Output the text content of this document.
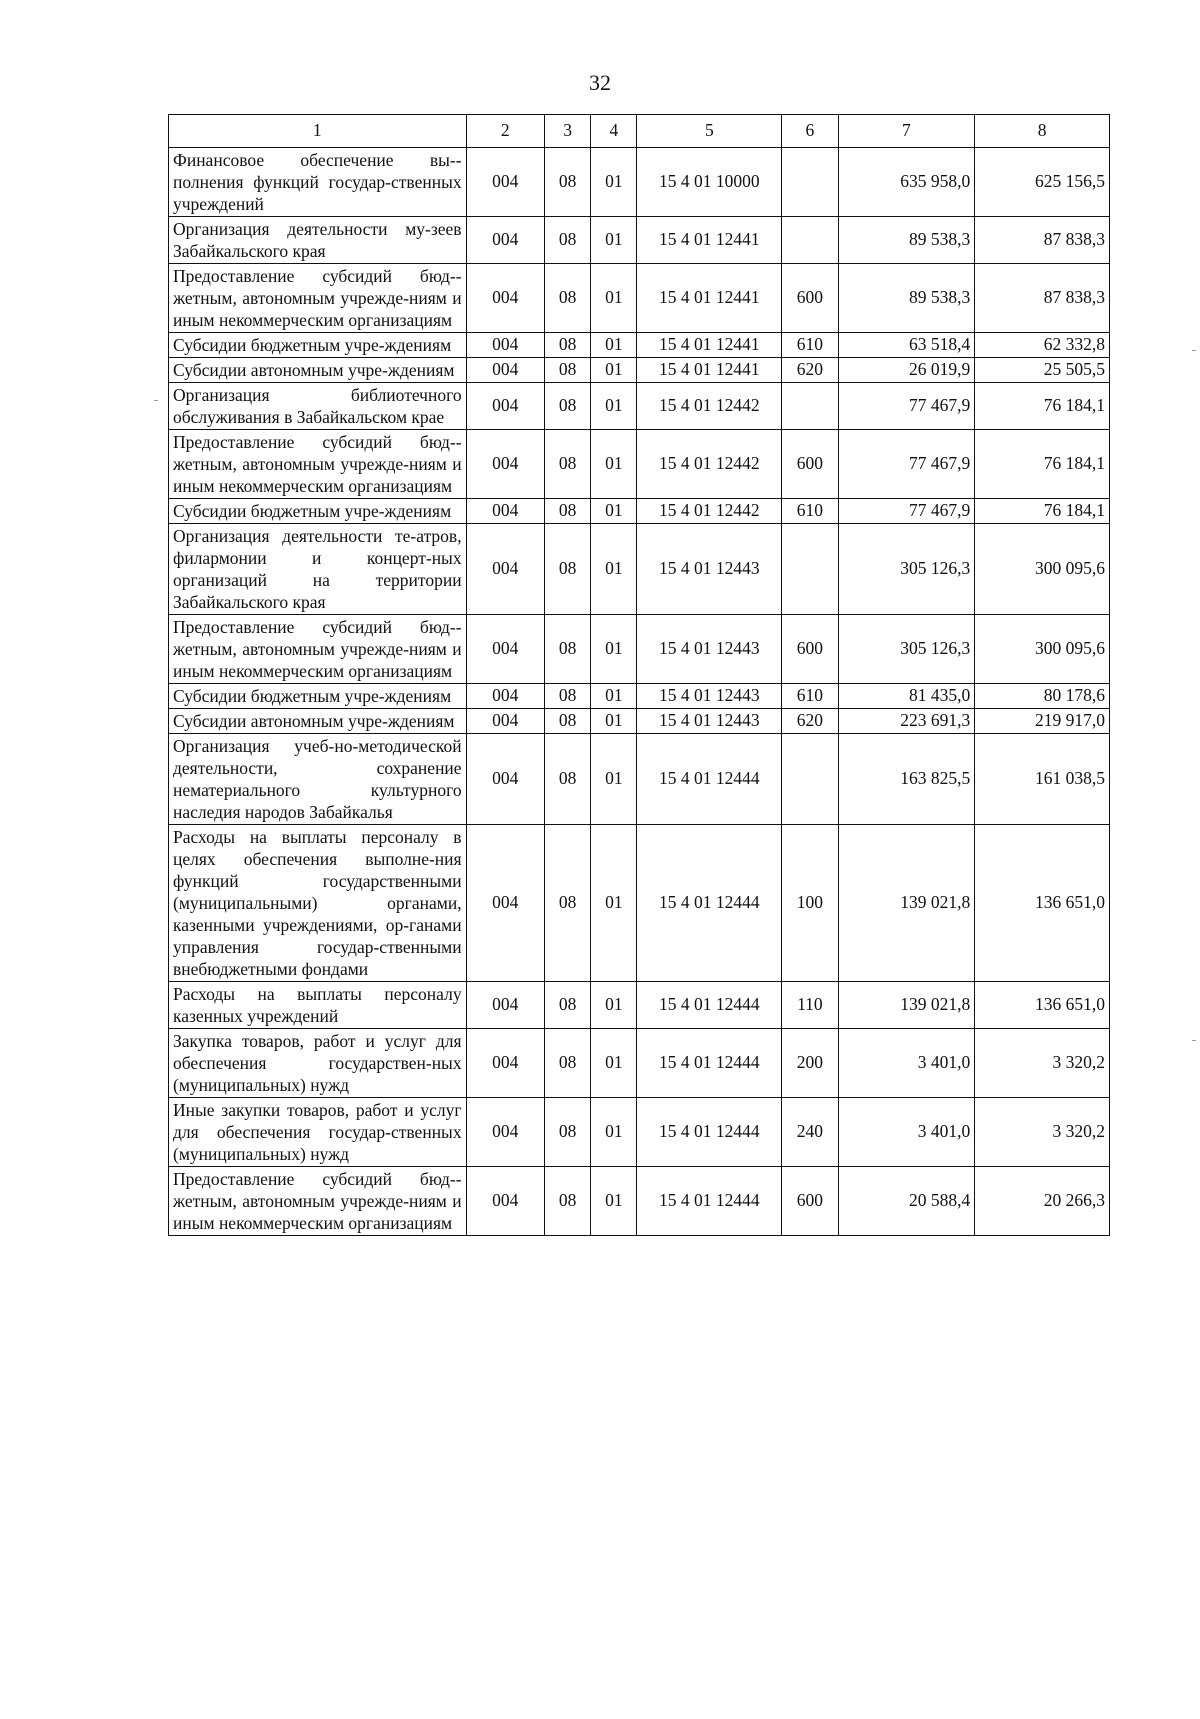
32
1	2	3	4	5	6	7	8
Финансовое обеспечение вы-полнения функций государ-ственных учреждений	004	08	01	15 4 01 10000		635 958,0	625 156,5
Организация деятельности му-зеев Забайкальского края	004	08	01	15 4 01 12441		89 538,3	87 838,3
Предоставление субсидий бюд-жетным, автономным учрежде-ниям и иным некоммерческим организациям	004	08	01	15 4 01 12441	600	89 538,3	87 838,3
Субсидии бюджетным учре-ждениям	004	08	01	15 4 01 12441	610	63 518,4	62 332,8
Субсидии автономным учре-ждениям	004	08	01	15 4 01 12441	620	26 019,9	25 505,5
Организация библиотечного обслуживания в Забайкальском крае	004	08	01	15 4 01 12442		77 467,9	76 184,1
Предоставление субсидий бюд-жетным, автономным учрежде-ниям и иным некоммерческим организациям	004	08	01	15 4 01 12442	600	77 467,9	76 184,1
Субсидии бюджетным учре-ждениям	004	08	01	15 4 01 12442	610	77 467,9	76 184,1
Организация деятельности те-атров, филармонии и концерт-ных организаций на территории Забайкальского края	004	08	01	15 4 01 12443		305 126,3	300 095,6
Предоставление субсидий бюд-жетным, автономным учрежде-ниям и иным некоммерческим организациям	004	08	01	15 4 01 12443	600	305 126,3	300 095,6
Субсидии бюджетным учре-ждениям	004	08	01	15 4 01 12443	610	81 435,0	80 178,6
Субсидии автономным учре-ждениям	004	08	01	15 4 01 12443	620	223 691,3	219 917,0
Организация учеб-но-методической деятельности, сохранение нематериального культурного наследия народов Забайкалья	004	08	01	15 4 01 12444		163 825,5	161 038,5
Расходы на выплаты персоналу в целях обеспечения выполне-ния функций государственными (муниципальными) органами, казенными учреждениями, ор-ганами управления государ-ственными внебюджетными фондами	004	08	01	15 4 01 12444	100	139 021,8	136 651,0
Расходы на выплаты персоналу казенных учреждений	004	08	01	15 4 01 12444	110	139 021,8	136 651,0
Закупка товаров, работ и услуг для обеспечения государствен-ных (муниципальных) нужд	004	08	01	15 4 01 12444	200	3 401,0	3 320,2
Иные закупки товаров, работ и услуг для обеспечения государ-ственных (муниципальных) нужд	004	08	01	15 4 01 12444	240	3 401,0	3 320,2
Предоставление субсидий бюд-жетным, автономным учрежде-ниям и иным некоммерческим организациям	004	08	01	15 4 01 12444	600	20 588,4	20 266,3
